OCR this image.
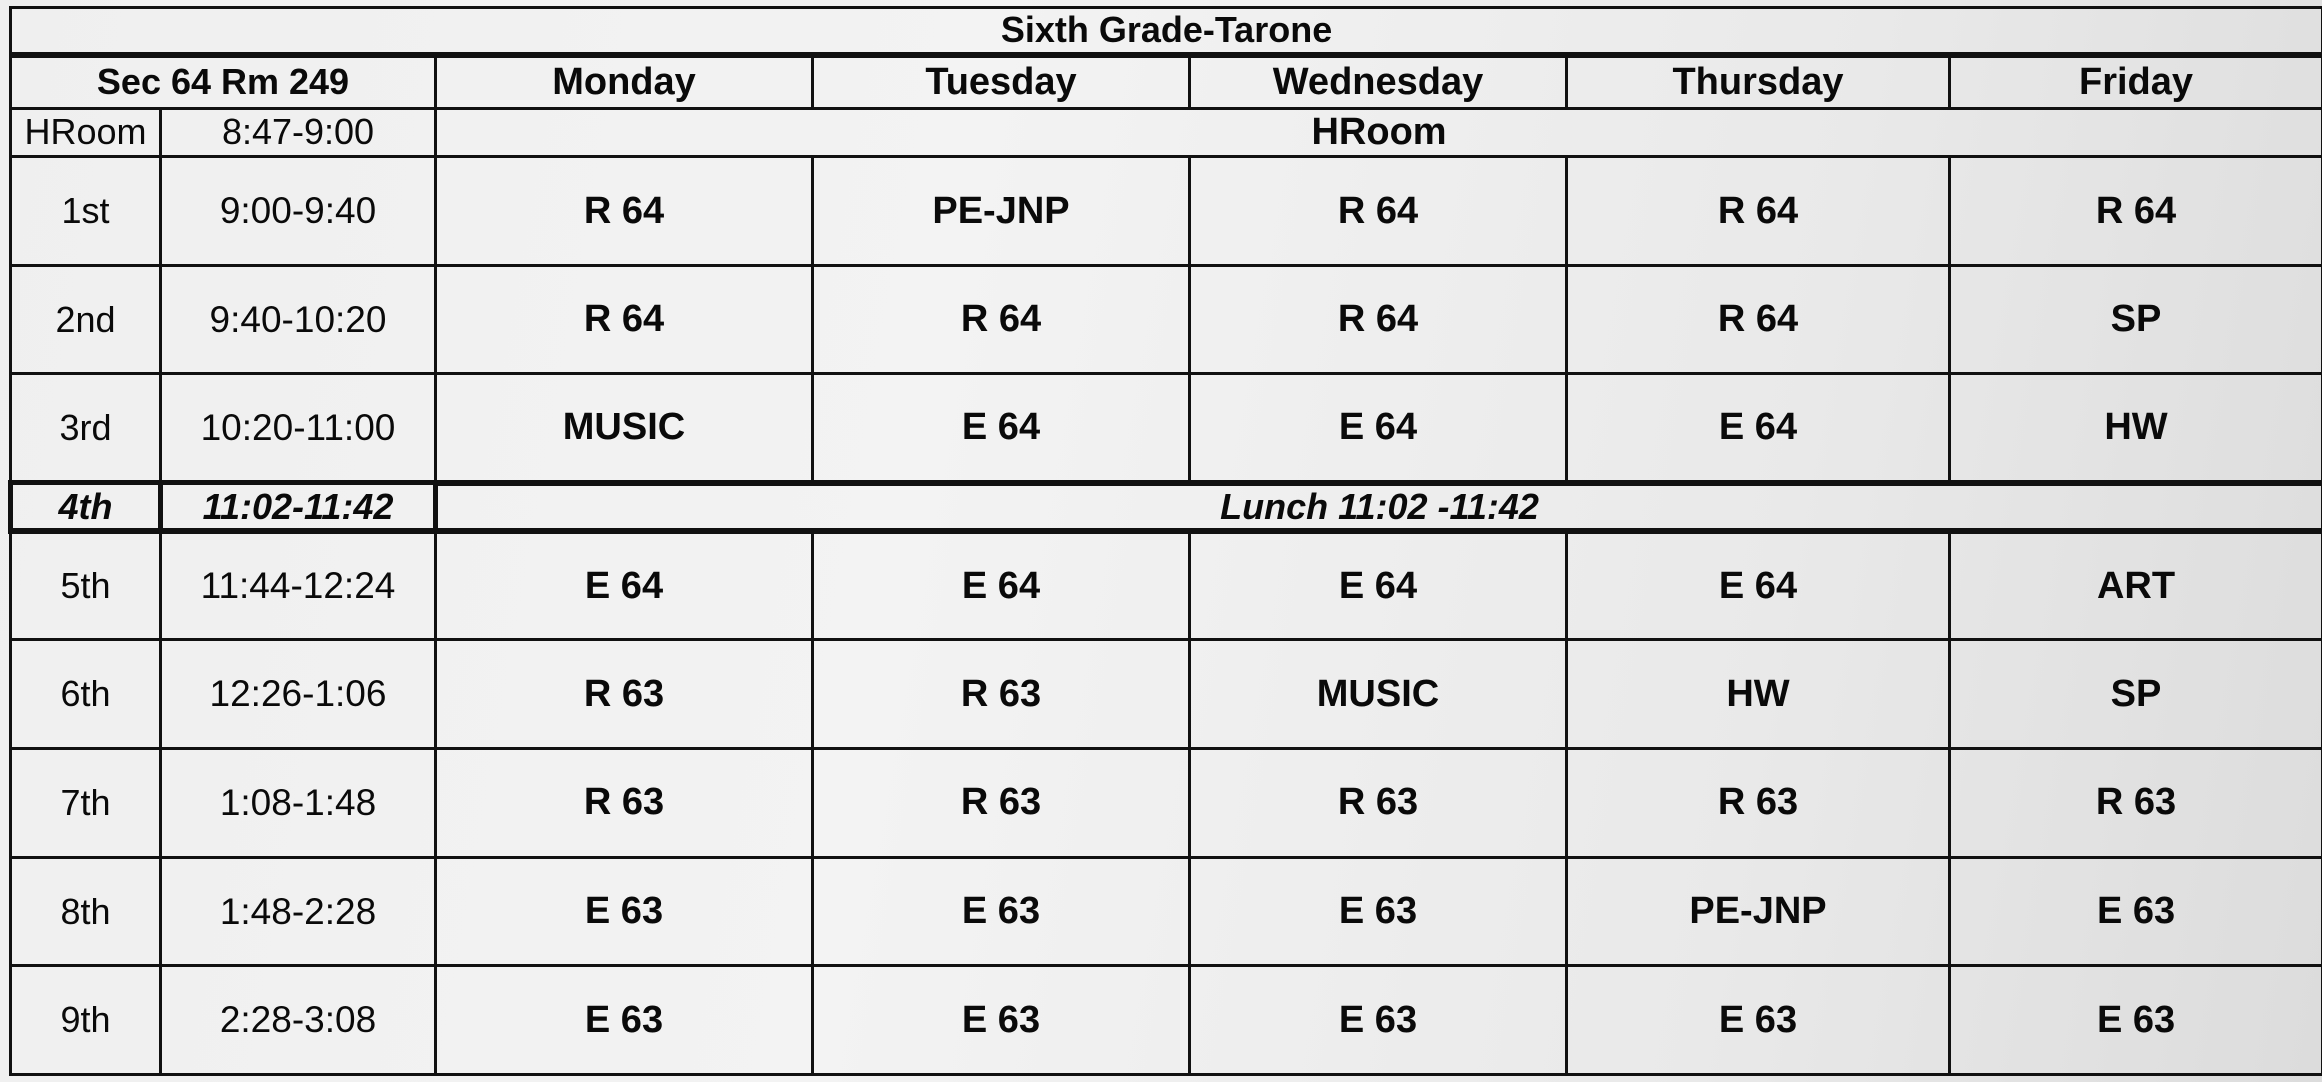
Sixth Grade-Tarone						
Sec 64 Rm 249		Monday	Tuesday	Wednesday	Thursday	Friday
HRoom	8:47-9:00	HRoom				
1st	9:00-9:40	R 64	PE-JNP	R 64	R 64	R 64
2nd	9:40-10:20	R 64	R 64	R 64	R 64	SP
3rd	10:20-11:00	MUSIC	E 64	E 64	E 64	HW
4th	11:02-11:42	Lunch 11:02 -11:42				
5th	11:44-12:24	E 64	E 64	E 64	E 64	ART
6th	12:26-1:06	R 63	R 63	MUSIC	HW	SP
7th	1:08-1:48	R 63	R 63	R 63	R 63	R 63
8th	1:48-2:28	E 63	E 63	E 63	PE-JNP	E 63
9th	2:28-3:08	E 63	E 63	E 63	E 63	E 63
